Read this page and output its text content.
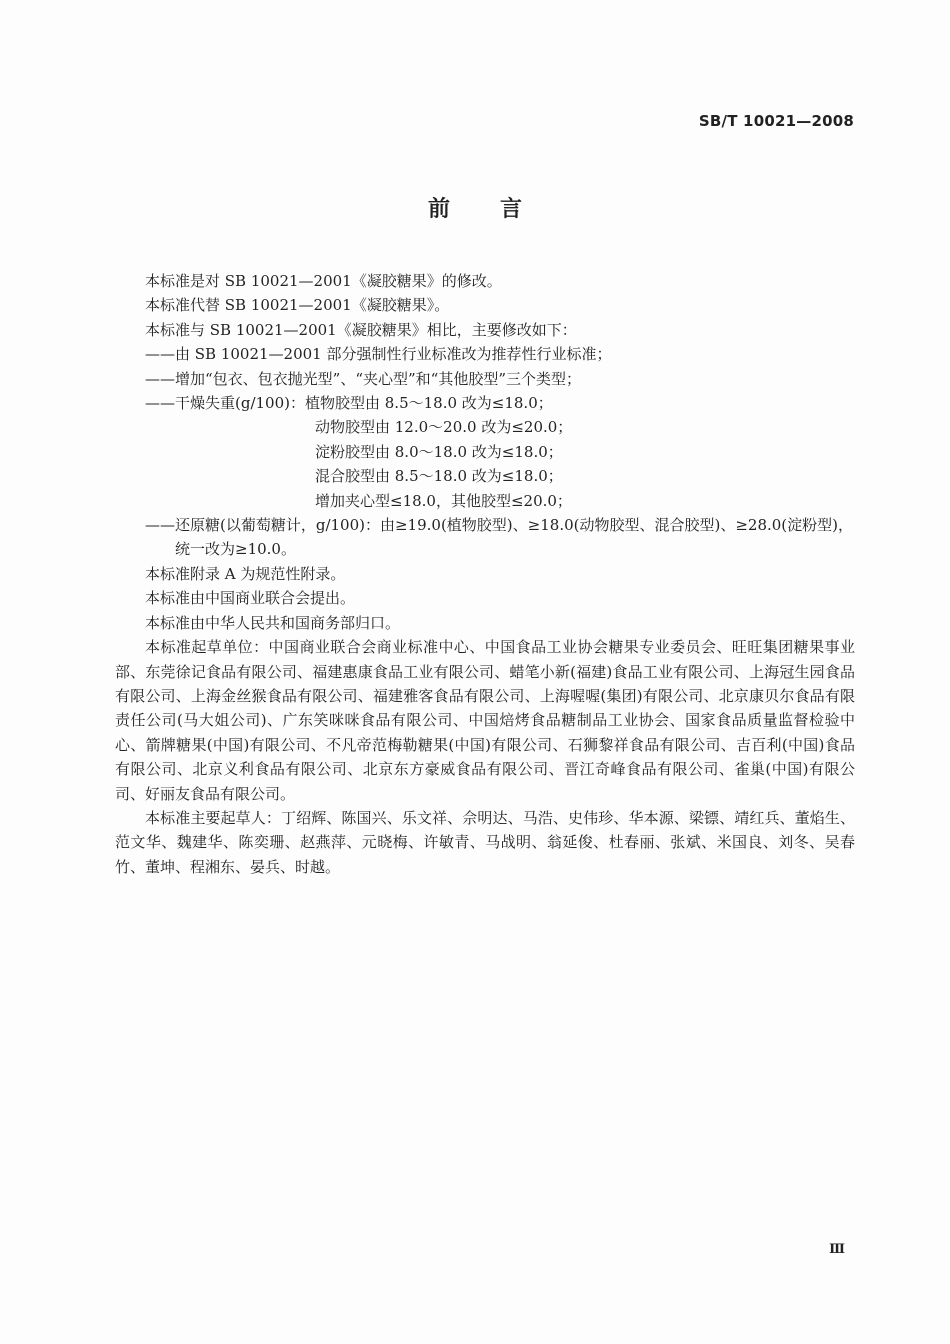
SB/T 10021—2008
前言

本标准是对 SB 10021—2001《凝胶糖果》的修改。

本标准代替 SB 10021—2001《凝胶糖果》。

本标准与 SB 10021—2001《凝胶糖果》相比，主要修改如下：

——由 SB 10021—2001 部分强制性行业标准改为推荐性行业标准；

——增加“包衣、包衣抛光型”、“夹心型”和“其他胶型”三个类型；

——干燥失重(g/100)：植物胶型由 8.5～18.0 改为≤18.0；

动物胶型由 12.0～20.0 改为≤20.0；

淀粉胶型由 8.0～18.0 改为≤18.0；

混合胶型由 8.5～18.0 改为≤18.0；

增加夹心型≤18.0，其他胶型≤20.0；

——还原糖(以葡萄糖计，g/100)：由≥19.0(植物胶型)、≥18.0(动物胶型、混合胶型)、≥28.0(淀粉型)，统一改为≥10.0。

本标准附录 A 为规范性附录。

本标准由中国商业联合会提出。

本标准由中华人民共和国商务部归口。

本标准起草单位：中国商业联合会商业标准中心、中国食品工业协会糖果专业委员会、旺旺集团糖果事业部、东莞徐记食品有限公司、福建惠康食品工业有限公司、蜡笔小新(福建)食品工业有限公司、上海冠生园食品有限公司、上海金丝猴食品有限公司、福建雅客食品有限公司、上海喔喔(集团)有限公司、北京康贝尔食品有限责任公司(马大姐公司)、广东笑咪咪食品有限公司、中国焙烤食品糖制品工业协会、国家食品质量监督检验中心、箭牌糖果(中国)有限公司、不凡帝范梅勒糖果(中国)有限公司、石狮黎祥食品有限公司、吉百利(中国)食品有限公司、北京义利食品有限公司、北京东方豪威食品有限公司、晋江奇峰食品有限公司、雀巢(中国)有限公司、好丽友食品有限公司。

本标准主要起草人：丁绍辉、陈国兴、乐文祥、佘明达、马浩、史伟珍、华本源、梁镖、靖红兵、董焰生、范文华、魏建华、陈奕珊、赵燕萍、元晓梅、许敏青、马战明、翁延俊、杜春丽、张斌、米国良、刘冬、吴春竹、董坤、程湘东、晏兵、时越。

Ⅲ
